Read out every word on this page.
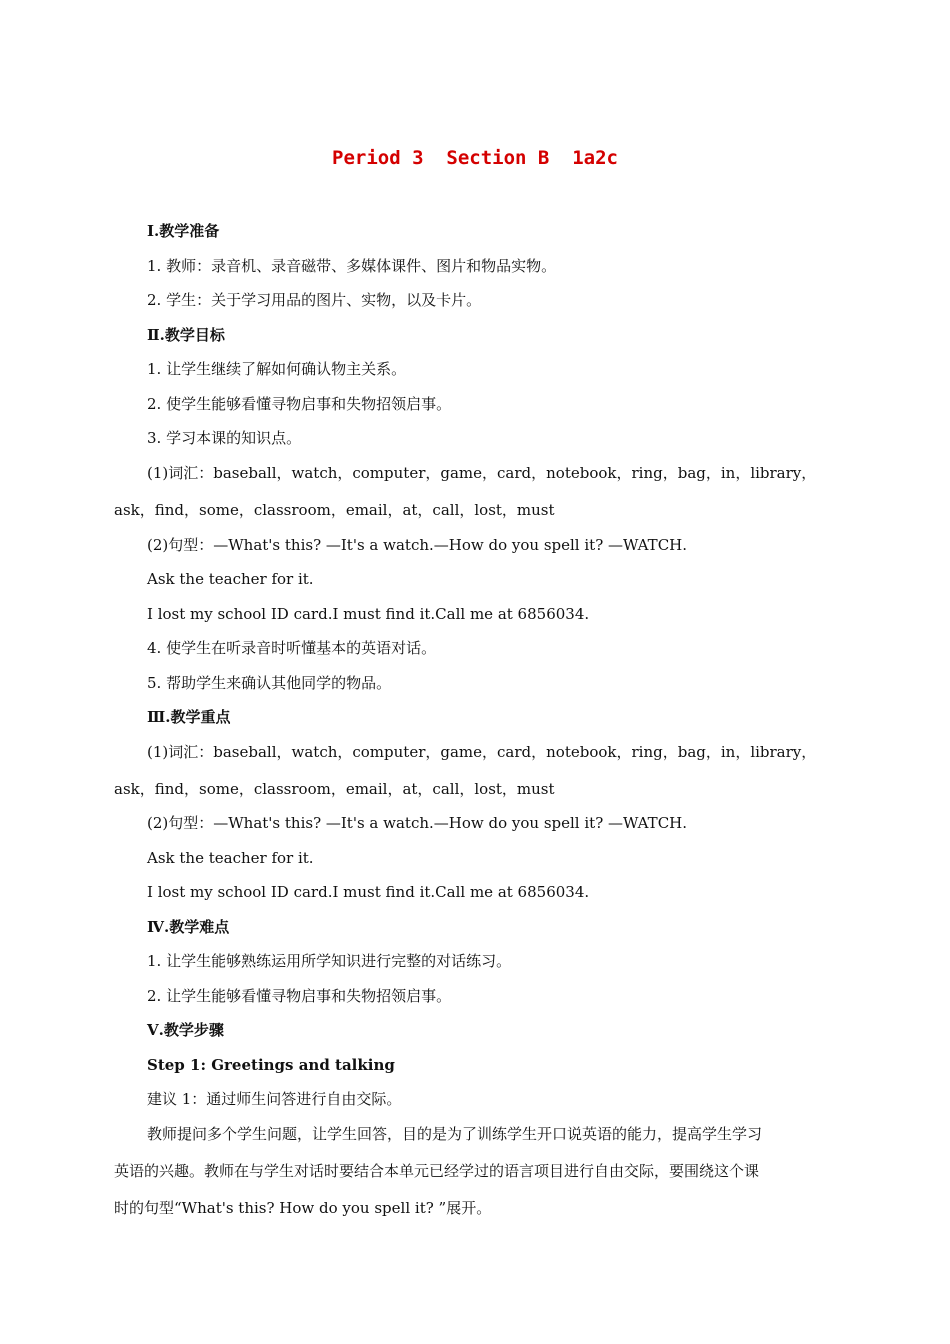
Period 3  Section B  1a2c
Ⅰ.教学准备
1. 教师：录音机、录音磁带、多媒体课件、图片和物品实物。
2. 学生：关于学习用品的图片、实物，以及卡片。
Ⅱ.教学目标
1. 让学生继续了解如何确认物主关系。
2. 使学生能够看懂寻物启事和失物招领启事。
3. 学习本课的知识点。
(1)词汇：baseball，watch，computer，game，card，notebook，ring，bag，in，library，
ask，find，some，classroom，email，at，call，lost，must
(2)句型：—What's this? —It's a watch.—How do you spell it? —WATCH.
Ask the teacher for it.
I lost my school ID card.I must find it.Call me at 6856034.
4. 使学生在听录音时听懂基本的英语对话。
5. 帮助学生来确认其他同学的物品。
Ⅲ.教学重点
(1)词汇：baseball，watch，computer，game，card，notebook，ring，bag，in，library，
ask，find，some，classroom，email，at，call，lost，must
(2)句型：—What's this? —It's a watch.—How do you spell it? —WATCH.
Ask the teacher for it.
I lost my school ID card.I must find it.Call me at 6856034.
Ⅳ.教学难点
1. 让学生能够熟练运用所学知识进行完整的对话练习。
2. 让学生能够看懂寻物启事和失物招领启事。
Ⅴ.教学步骤
Step 1: Greetings and talking
建议 1：通过师生问答进行自由交际。
教师提问多个学生问题，让学生回答，目的是为了训练学生开口说英语的能力，提高学生学习
英语的兴趣。教师在与学生对话时要结合本单元已经学过的语言项目进行自由交际，要围绕这个课
时的句型“What's this? How do you spell it? ”展开。
